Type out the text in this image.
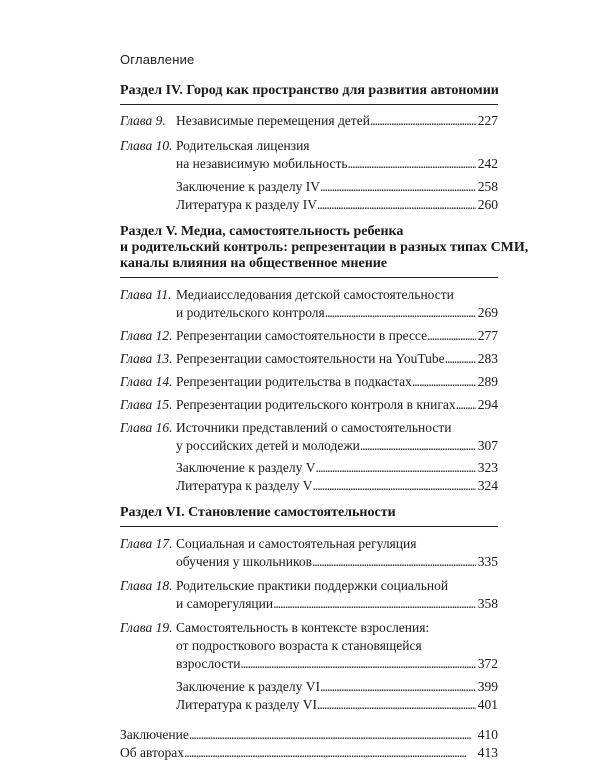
Оглавление
Раздел IV. Город как пространство для развития автономии
Глава 9. Независимые перемещения детей . . .	227
Глава 10. Родительская лицензия
на независимую мобильность . . .	242
Заключение к разделу IV . . .	258
Литература к разделу IV . . .	260
Раздел V. Медиа, самостоятельность ребенка
и родительский контроль: репрезентации в разных типах СМИ,
каналы влияния на общественное мнение
Глава 11. Медиаисследования детской самостоятельности
и родительского контроля . . .	269
Глава 12. Репрезентации самостоятельности в прессе . . .	277
Глава 13. Репрезентации самостоятельности на YouTube . . . 283
Глава 14. Репрезентации родительства в подкастах . . .	289
Глава 15. Репрезентации родительского контроля в книгах . . . 294
Глава 16. Источники представлений о самостоятельности
у российских детей и молодежи . . .	307
Заключение к разделу V . . .	323
Литература к разделу V . . .	324
Раздел VI. Становление самостоятельности
Глава 17. Социальная и самостоятельная регуляция
обучения у школьников . . .	335
Глава 18. Родительские практики поддержки социальной
и саморегуляции . . .	358
Глава 19. Самостоятельность в контексте взросления:
от подросткового возраста к становящейся
взрослости . . .	372
Заключение к разделу VI . . .	399
Литература к разделу VI . . .	401
Заключение . . .	410
Об авторах . . .	413
